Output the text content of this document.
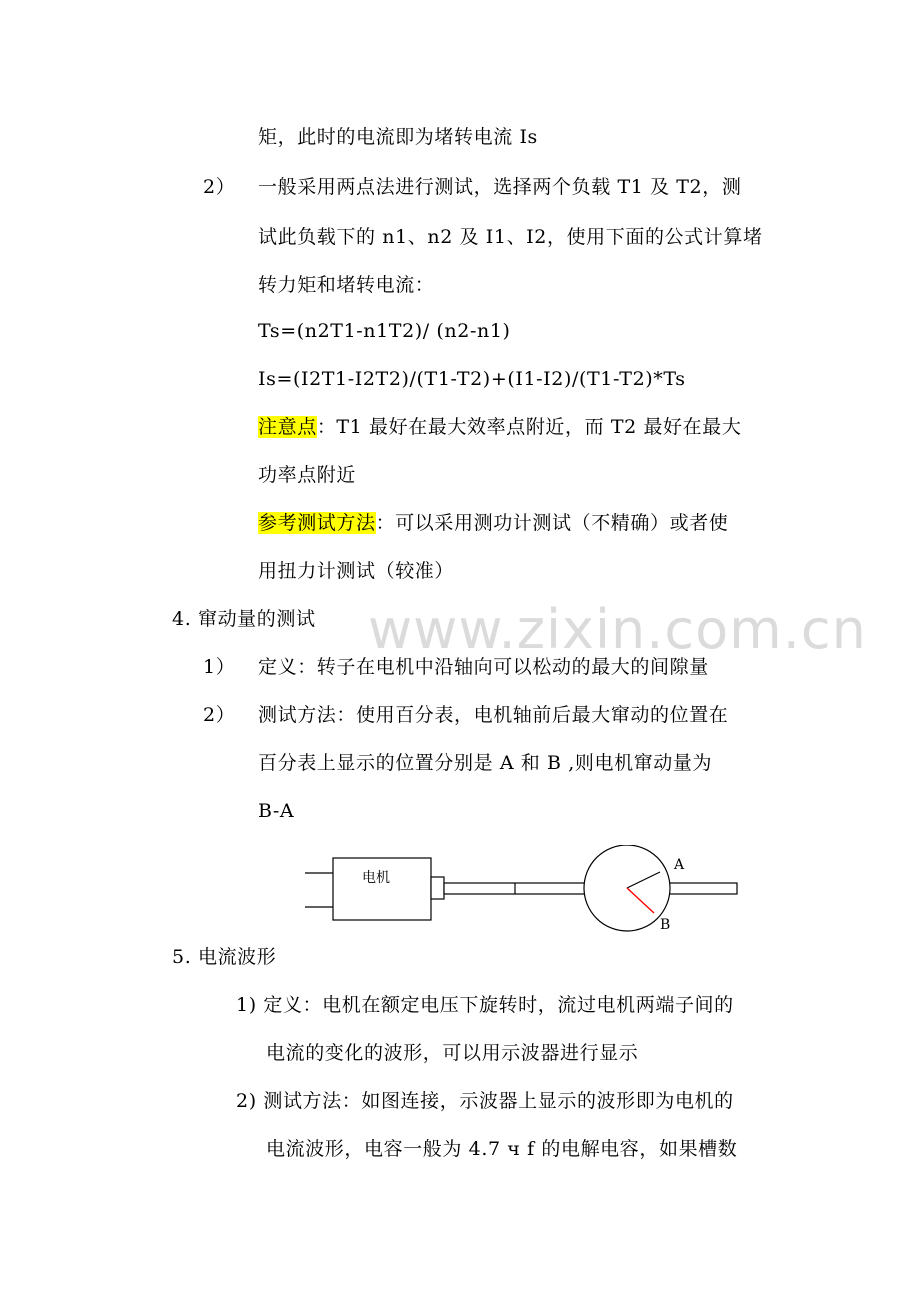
矩，此时的电流即为堵转电流 Is
2） 一般采用两点法进行测试，选择两个负载 T1 及 T2，测
试此负载下的 n1、n2 及 I1、I2，使用下面的公式计算堵
转力矩和堵转电流：
Ts=(n2T1-n1T2)/ (n2-n1)
Is=(I2T1-I2T2)/(T1-T2)+(I1-I2)/(T1-T2)*Ts
注意点：T1 最好在最大效率点附近，而 T2 最好在最大
功率点附近
参考测试方法：可以采用测功计测试（不精确）或者使
用扭力计测试（较准）
4. 窜动量的测试
1） 定义：转子在电机中沿轴向可以松动的最大的间隙量
2） 测试方法：使用百分表，电机轴前后最大窜动的位置在
百分表上显示的位置分别是 A 和 B ,则电机窜动量为
B-A
电机
A
B
5. 电流波形
1) 定义：电机在额定电压下旋转时，流过电机两端子间的
电流的变化的波形，可以用示波器进行显示
2) 测试方法：如图连接，示波器上显示的波形即为电机的
电流波形，电容一般为 4.7 ч f 的电解电容，如果槽数
www.zixin.com.cn
